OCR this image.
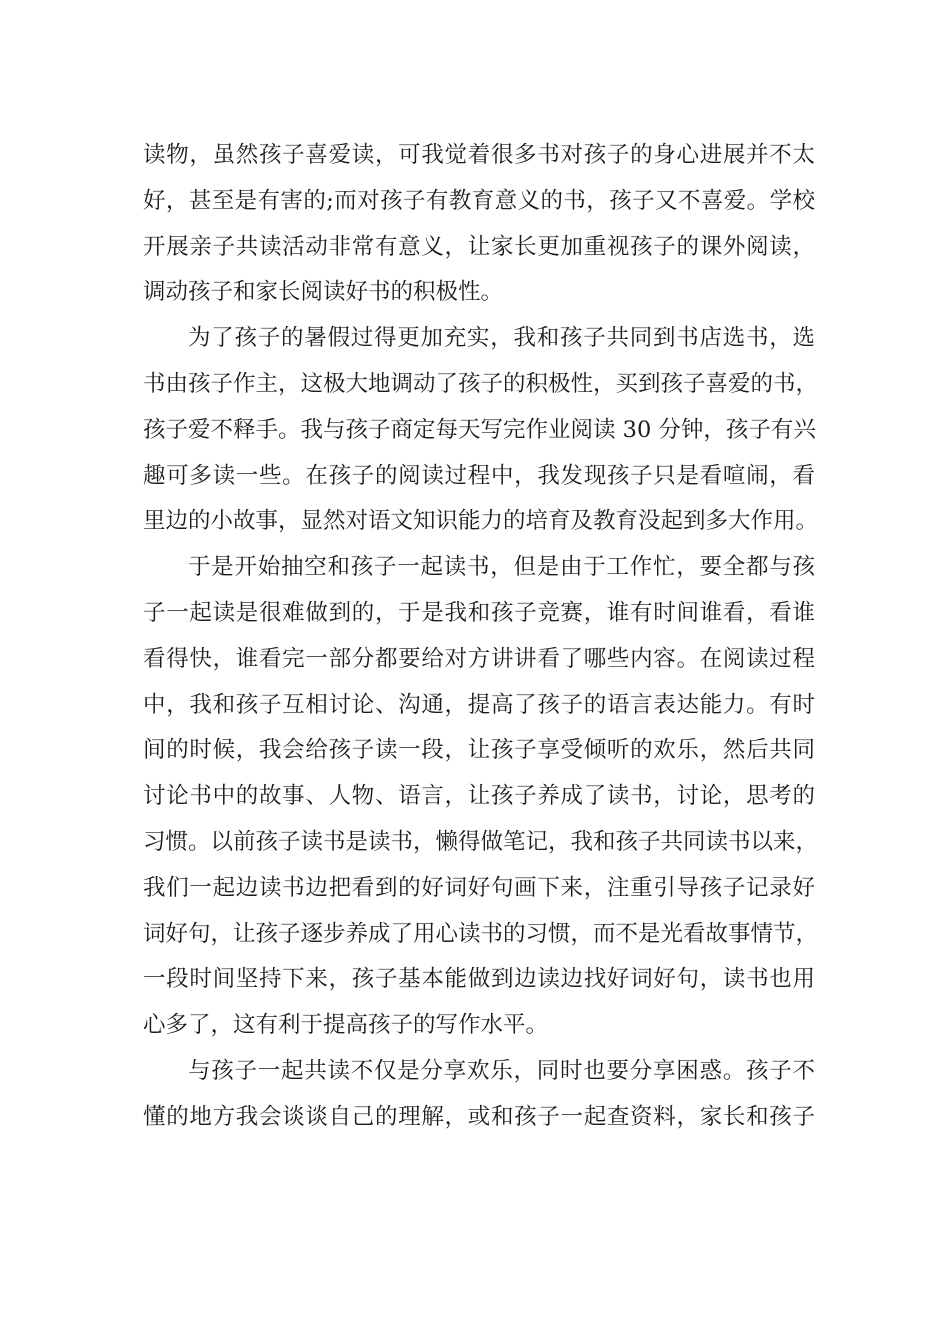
读物，虽然孩子喜爱读，可我觉着很多书对孩子的身心进展并不太
好，甚至是有害的;而对孩子有教育意义的书，孩子又不喜爱。学校
开展亲子共读活动非常有意义，让家长更加重视孩子的课外阅读，
调动孩子和家长阅读好书的积极性。
为了孩子的暑假过得更加充实，我和孩子共同到书店选书，选
书由孩子作主，这极大地调动了孩子的积极性，买到孩子喜爱的书，
孩子爱不释手。我与孩子商定每天写完作业阅读 30 分钟，孩子有兴
趣可多读一些。在孩子的阅读过程中，我发现孩子只是看喧闹，看
里边的小故事，显然对语文知识能力的培育及教育没起到多大作用。
于是开始抽空和孩子一起读书，但是由于工作忙，要全都与孩
子一起读是很难做到的，于是我和孩子竞赛，谁有时间谁看，看谁
看得快，谁看完一部分都要给对方讲讲看了哪些内容。在阅读过程
中，我和孩子互相讨论、沟通，提高了孩子的语言表达能力。有时
间的时候，我会给孩子读一段，让孩子享受倾听的欢乐，然后共同
讨论书中的故事、人物、语言，让孩子养成了读书，讨论，思考的
习惯。以前孩子读书是读书，懒得做笔记，我和孩子共同读书以来，
我们一起边读书边把看到的好词好句画下来，注重引导孩子记录好
词好句，让孩子逐步养成了用心读书的习惯，而不是光看故事情节，
一段时间坚持下来，孩子基本能做到边读边找好词好句，读书也用
心多了，这有利于提高孩子的写作水平。
与孩子一起共读不仅是分享欢乐，同时也要分享困惑。孩子不
懂的地方我会谈谈自己的理解，或和孩子一起查资料，家长和孩子
